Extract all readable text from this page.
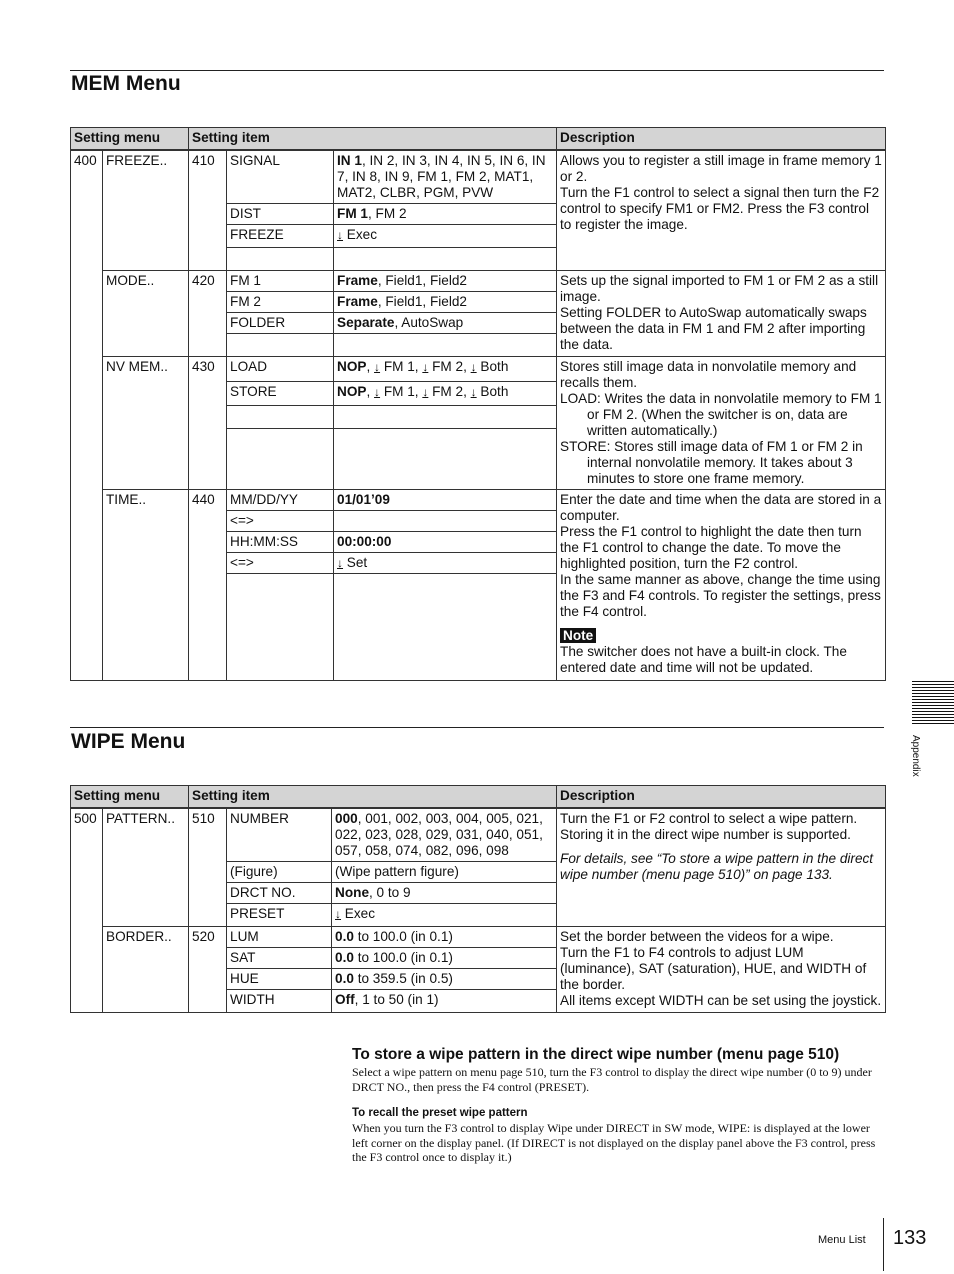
MEM Menu
Setting menu		Setting item			Description
400	FREEZE..	410	SIGNAL	IN 1, IN 2, IN 3, IN 4, IN 5, IN 6, IN 7, IN 8, IN 9, FM 1, FM 2, MAT1, MAT2, CLBR, PGM, PVW	Allows you to register a still image in frame memory 1 or 2.
Turn the F1 control to select a signal then turn the F2 control to specify FM1 or FM2. Press the F3 control to register the image.

			DIST	FM 1, FM 2	
			FREEZE	↓ Exec	

	MODE..	420	FM 1	Frame, Field1, Field2	Sets up the signal imported to FM 1 or FM 2 as a still image.
Setting FOLDER to AutoSwap automatically swaps between the data in FM 1 and FM 2 after importing the data.

			FM 2	Frame, Field1, Field2	
			FOLDER	Separate, AutoSwap	

	NV MEM..	430	LOAD	NOP, ↓ FM 1, ↓ FM 2, ↓ Both	Stores still image data in nonvolatile memory and recalls them.
LOAD: Writes the data in nonvolatile memory to FM 1 or FM 2. (When the switcher is on, data are written automatically.)
STORE: Stores still image data of FM 1 or FM 2 in internal nonvolatile memory. It takes about 3 minutes to store one frame memory.

			STORE	NOP, ↓ FM 1, ↓ FM 2, ↓ Both	

	TIME..	440	MM/DD/YY	01/01’09	Enter the date and time when the data are stored in a computer.
Press the F1 control to highlight the date then turn the F1 control to change the date. To move the highlighted position, turn the F2 control.
In the same manner as above, change the time using the F3 and F4 controls. To register the settings, press the F4 control.
Note
The switcher does not have a built-in clock. The entered date and time will not be updated.

			<=>		
			HH:MM:SS	00:00:00	
			<=>	↓ Set	

WIPE Menu
Setting menu		Setting item			Description
500	PATTERN..	510	NUMBER	000, 001, 002, 003, 004, 005, 021, 022, 023, 028, 029, 031, 040, 051, 057, 058, 074, 082, 096, 098	Turn the F1 or F2 control to select a wipe pattern. Storing it in the direct wipe number is supported.
For details, see “To store a wipe pattern in the direct wipe number (menu page 510)” on page 133.

			(Figure)	(Wipe pattern figure)	
			DRCT NO.	None, 0 to 9	
			PRESET	↓ Exec	
	BORDER..	520	LUM	0.0 to 100.0 (in 0.1)	Set the border between the videos for a wipe.
Turn the F1 to F4 controls to adjust LUM (luminance), SAT (saturation), HUE, and WIDTH of the border.
All items except WIDTH can be set using the joystick.

			SAT	0.0 to 100.0 (in 0.1)	
			HUE	0.0 to 359.5 (in 0.5)	
			WIDTH	Off, 1 to 50 (in 1)	
To store a wipe pattern in the direct wipe number (menu page 510)

Select a wipe pattern on menu page 510, turn the F3 control to display the direct wipe number (0 to 9) under DRCT NO., then press the F4 control (PRESET).

To recall the preset wipe pattern

When you turn the F3 control to display Wipe under DIRECT in SW mode, WIPE: is displayed at the lower left corner on the display panel. (If DIRECT is not displayed on the display panel above the F3 control, press the F3 control once to display it.)

Appendix
Menu List 133
